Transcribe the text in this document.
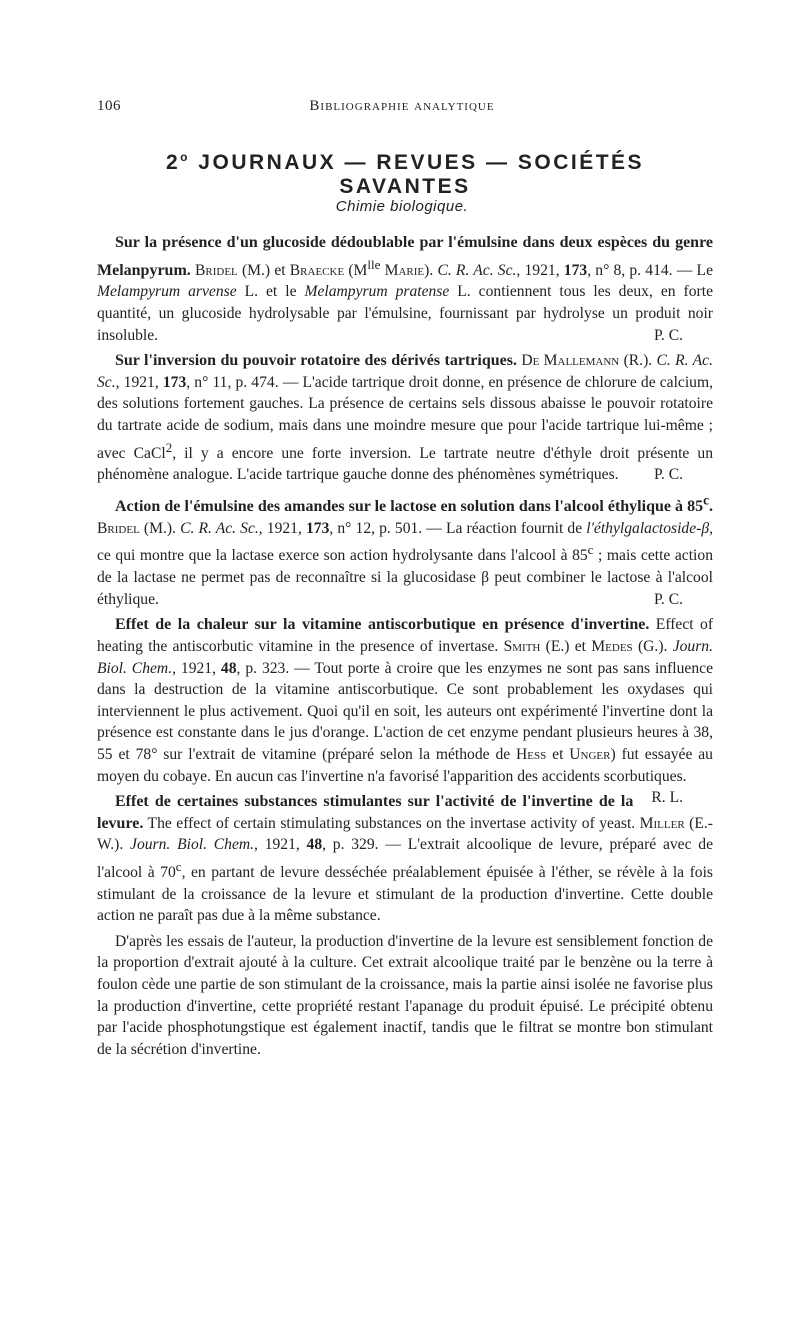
106	Bibliographie analytique
2$^o$ JOURNAUX — REVUES — SOCIÉTÉS SAVANTES
Chimie biologique.

Sur la présence d'un glucoside dédoublable par l'émulsine dans deux espèces du genre Melanpyrum. Bridel (M.) et Braecke ($M^{lle}$ Marie). C. R. Ac. Sc., 1921, 173, n° 8, p. 414. — Le Melampyrum arvense L. et le Melampyrum pratense L. contiennent tous les deux, en forte quantité, un glucoside hydrolysable par l'émulsine, fournissant par hydrolyse un produit noir insoluble.	P. C.

Sur l'inversion du pouvoir rotatoire des dérivés tartriques. De Mallemann (R.). C. R. Ac. Sc., 1921, 173, n° 11, p. 474. — L'acide tartrique droit donne, en présence de chlorure de calcium, des solutions fortement gauches. La présence de certains sels dissous abaisse le pouvoir rotatoire du tartrate acide de sodium, mais dans une moindre mesure que pour l'acide tartrique lui-même ; avec CaCl$^2$, il y a encore une forte inversion. Le tartrate neutre d'éthyle droit présente un phénomène analogue. L'acide tartrique gauche donne des phénomènes symétriques.	P. C.

Action de l'émulsine des amandes sur le lactose en solution dans l'alcool éthylique à 85$^c$. Bridel (M.). C. R. Ac. Sc., 1921, 173, n° 12, p. 501. — La réaction fournit de l'éthylgalactoside-β, ce qui montre que la lactase exerce son action hydrolysante dans l'alcool à 85$^c$ ; mais cette action de la lactase ne permet pas de reconnaître si la glucosidase β peut combiner le lactose à l'alcool éthylique.	P. C.

Effet de la chaleur sur la vitamine antiscorbutique en présence d'invertine. Effect of heating the antiscorbutic vitamine in the presence of invertase. Smith (E.) et Medes (G.). Journ. Biol. Chem., 1921, 48, p. 323. — Tout porte à croire que les enzymes ne sont pas sans influence dans la destruction de la vitamine antiscorbutique. Ce sont probablement les oxydases qui interviennent le plus activement. Quoi qu'il en soit, les auteurs ont expérimenté l'invertine dont la présence est constante dans le jus d'orange. L'action de cet enzyme pendant plusieurs heures à 38, 55 et 78° sur l'extrait de vitamine (préparé selon la méthode de Hess et Unger) fut essayée au moyen du cobaye. En aucun cas l'invertine n'a favorisé l'apparition des accidents scorbutiques.
R. L.

Effet de certaines substances stimulantes sur l'activité de l'invertine de la levure. The effect of certain stimulating substances on the invertase activity of yeast. Miller (E.-W.). Journ. Biol. Chem., 1921, 48, p. 329. — L'extrait alcoolique de levure, préparé avec de l'alcool à 70$^c$, en partant de levure desséchée préalablement épuisée à l'éther, se révèle à la fois stimulant de la croissance de la levure et stimulant de la production d'invertine. Cette double action ne paraît pas due à la même substance.

D'après les essais de l'auteur, la production d'invertine de la levure est sensiblement fonction de la proportion d'extrait ajouté à la culture. Cet extrait alcoolique traité par le benzène ou la terre à foulon cède une partie de son stimulant de la croissance, mais la partie ainsi isolée ne favorise plus la production d'invertine, cette propriété restant l'apanage du produit épuisé. Le précipité obtenu par l'acide phosphotungstique est également inactif, tandis que le filtrat se montre bon stimulant de la sécrétion d'invertine.
